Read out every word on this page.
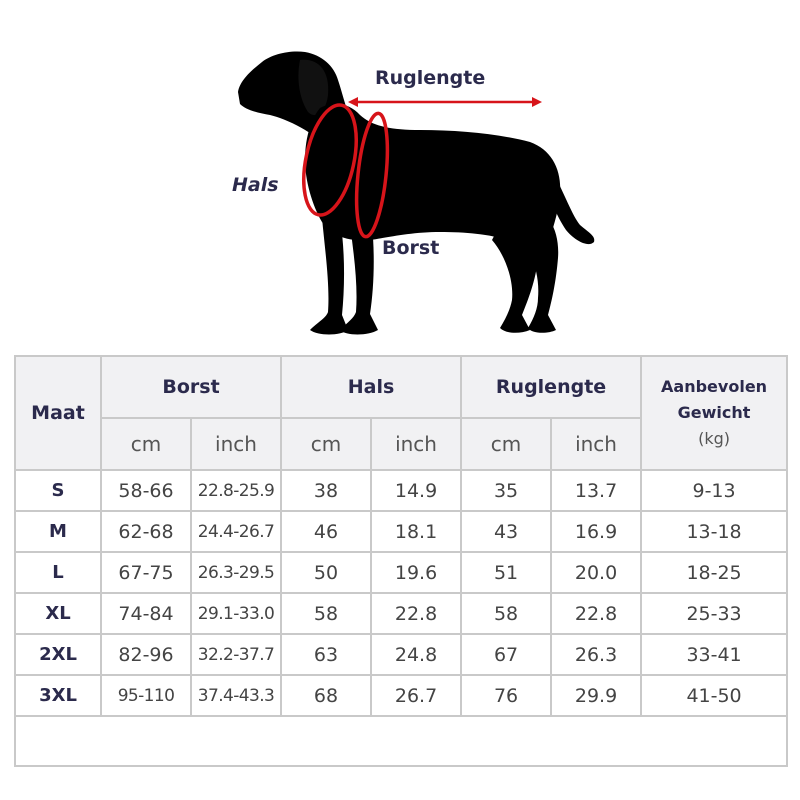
Ruglengte
Hals
Borst
Maat	Borst		Hals		Ruglengte		Aanbevolen
Gewicht
(kg)

	cm	inch	cm	inch	cm	inch	
S	58-66	22.8-25.9	38	14.9	35	13.7	9-13
M	62-68	24.4-26.7	46	18.1	43	16.9	13-18
L	67-75	26.3-29.5	50	19.6	51	20.0	18-25
XL	74-84	29.1-33.0	58	22.8	58	22.8	25-33
2XL	82-96	32.2-37.7	63	24.8	67	26.3	33-41
3XL	95-110	37.4-43.3	68	26.7	76	29.9	41-50
